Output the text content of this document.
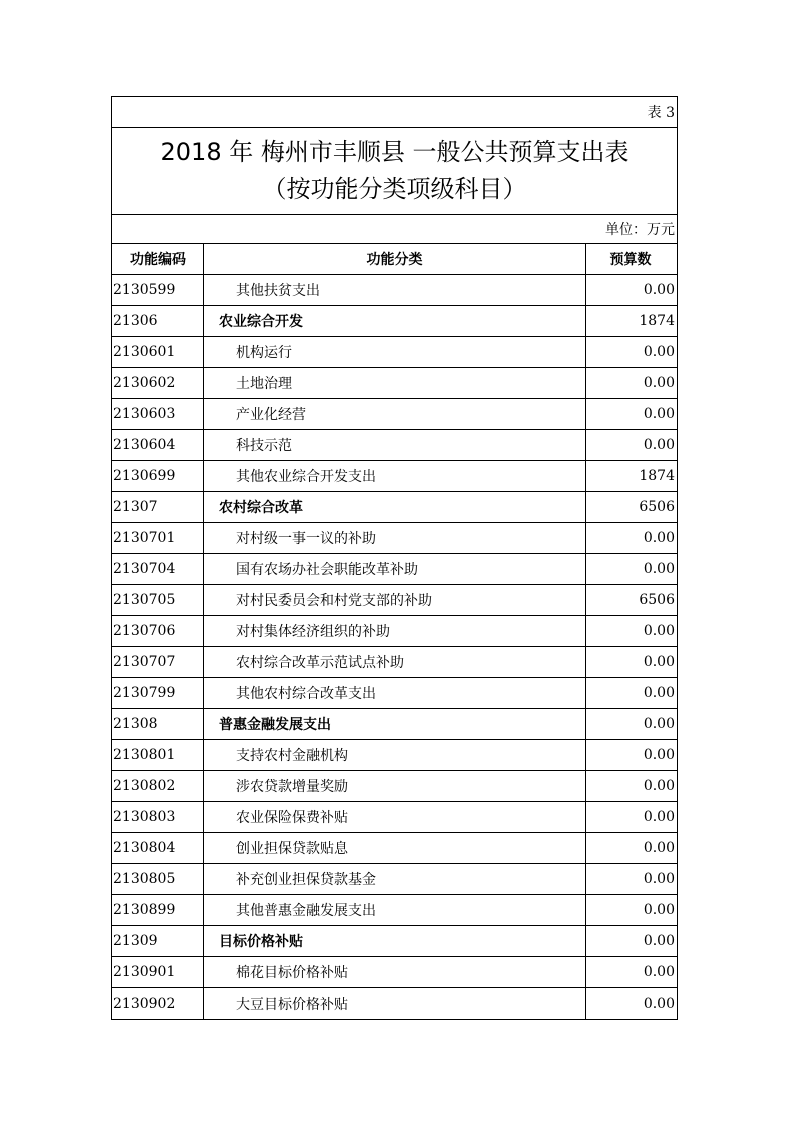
表 3
2018 年 梅州市丰顺县 一般公共预算支出表
（按功能分类项级科目）
单位：万元
功能编码	功能分类	预算数
2130599	其他扶贫支出	0.00
21306	农业综合开发	1874
2130601	机构运行	0.00
2130602	土地治理	0.00
2130603	产业化经营	0.00
2130604	科技示范	0.00
2130699	其他农业综合开发支出	1874
21307	农村综合改革	6506
2130701	对村级一事一议的补助	0.00
2130704	国有农场办社会职能改革补助	0.00
2130705	对村民委员会和村党支部的补助	6506
2130706	对村集体经济组织的补助	0.00
2130707	农村综合改革示范试点补助	0.00
2130799	其他农村综合改革支出	0.00
21308	普惠金融发展支出	0.00
2130801	支持农村金融机构	0.00
2130802	涉农贷款增量奖励	0.00
2130803	农业保险保费补贴	0.00
2130804	创业担保贷款贴息	0.00
2130805	补充创业担保贷款基金	0.00
2130899	其他普惠金融发展支出	0.00
21309	目标价格补贴	0.00
2130901	棉花目标价格补贴	0.00
2130902	大豆目标价格补贴	0.00
